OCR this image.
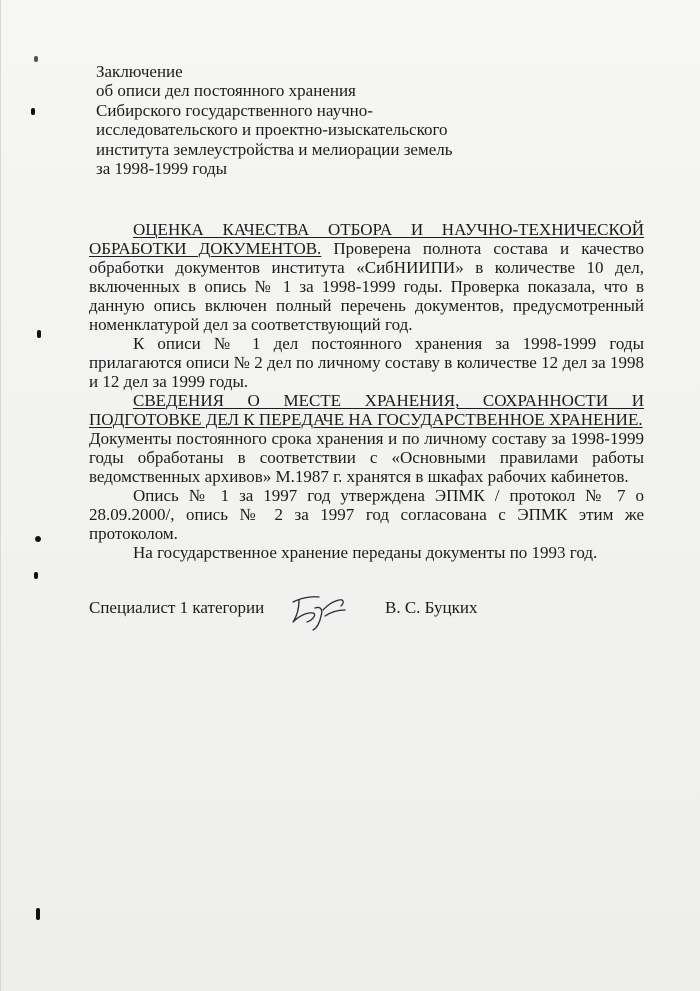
Заключение
об описи дел постоянного хранения
Сибирского государственного научно-
исследовательского и проектно-изыскательского
института землеустройства и мелиорации земель
за 1998-1999 годы

ОЦЕНКА КАЧЕСТВА ОТБОРА И НАУЧНО-ТЕХНИЧЕСКОЙ ОБРАБОТКИ ДОКУМЕНТОВ. Проверена полнота состава и качество обработки документов института «СибНИИПИ» в количестве 10 дел, включенных в опись № 1 за 1998-1999 годы. Проверка показала, что в данную опись включен полный перечень документов, предусмотренный номенклатурой дел за соответствующий год.

К описи № 1 дел постоянного хранения за 1998-1999 годы прилагаются описи № 2 дел по личному составу в количестве 12 дел за 1998 и 12 дел за 1999 годы.

СВЕДЕНИЯ О МЕСТЕ ХРАНЕНИЯ, СОХРАННОСТИ И ПОДГОТОВКЕ ДЕЛ К ПЕРЕДАЧЕ НА ГОСУДАРСТВЕННОЕ ХРАНЕНИЕ.

Документы постоянного срока хранения и по личному составу за 1998-1999 годы обработаны в соответствии с «Основными правилами работы ведомственных архивов» М.1987 г. хранятся в шкафах рабочих кабинетов.

Опись № 1 за 1997 год утверждена ЭПМК / протокол № 7 о 28.09.2000/, опись № 2 за 1997 год согласована с ЭПМК этим же протоколом.

На государственное хранение переданы документы по 1993 год.

Специалист 1 категории	В. С. Буцких
